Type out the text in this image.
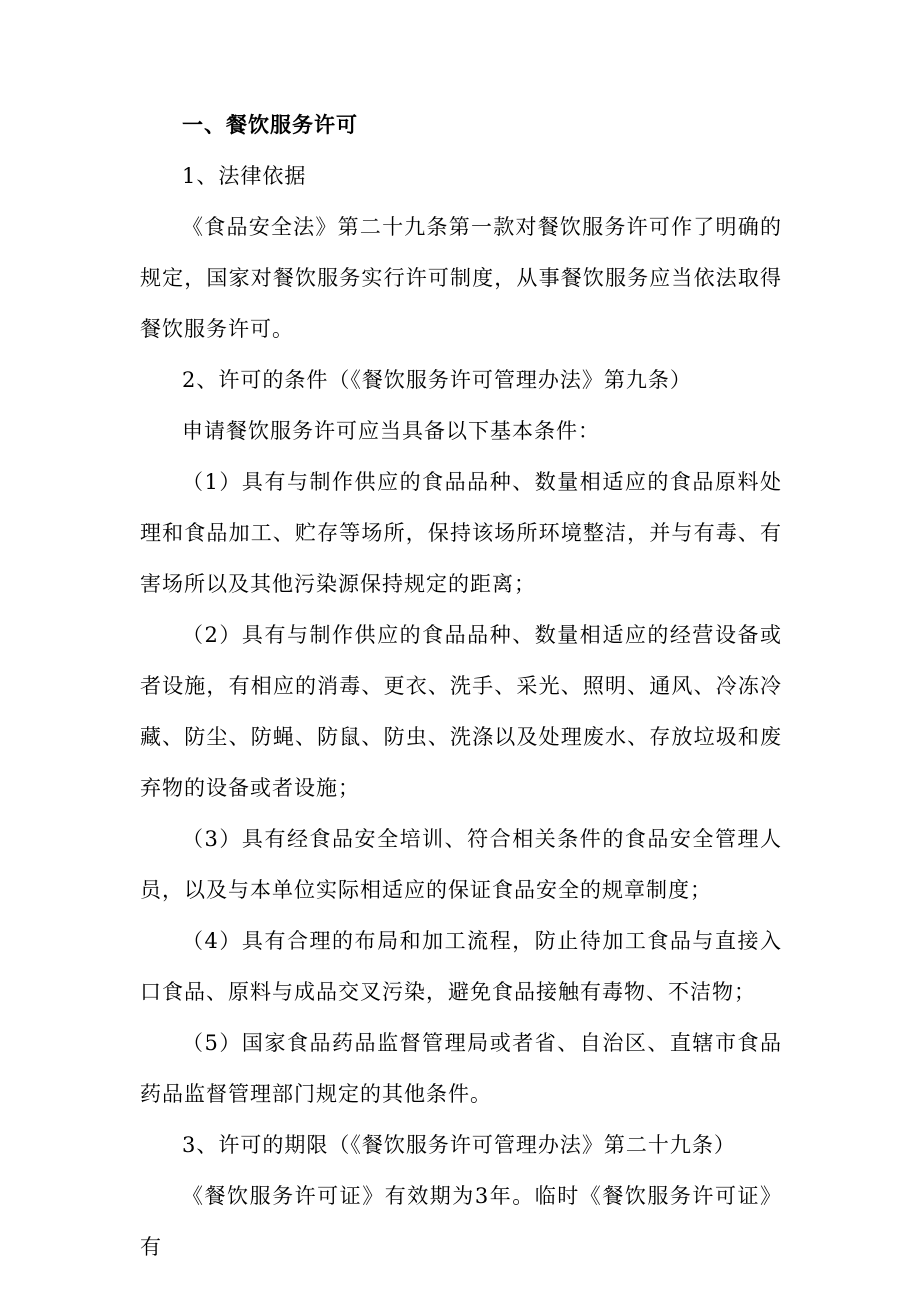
一、餐饮服务许可

1、法律依据

《食品安全法》第二十九条第一款对餐饮服务许可作了明确的规定，国家对餐饮服务实行许可制度，从事餐饮服务应当依法取得餐饮服务许可。

2、许可的条件（《餐饮服务许可管理办法》第九条）

申请餐饮服务许可应当具备以下基本条件：

（1）具有与制作供应的食品品种、数量相适应的食品原料处理和食品加工、贮存等场所，保持该场所环境整洁，并与有毒、有害场所以及其他污染源保持规定的距离；

（2）具有与制作供应的食品品种、数量相适应的经营设备或者设施，有相应的消毒、更衣、洗手、采光、照明、通风、冷冻冷藏、防尘、防蝇、防鼠、防虫、洗涤以及处理废水、存放垃圾和废弃物的设备或者设施；

（3）具有经食品安全培训、符合相关条件的食品安全管理人员，以及与本单位实际相适应的保证食品安全的规章制度；

（4）具有合理的布局和加工流程，防止待加工食品与直接入口食品、原料与成品交叉污染，避免食品接触有毒物、不洁物；

（5）国家食品药品监督管理局或者省、自治区、直辖市食品药品监督管理部门规定的其他条件。

3、许可的期限（《餐饮服务许可管理办法》第二十九条）

《餐饮服务许可证》有效期为3年。临时《餐饮服务许可证》有
